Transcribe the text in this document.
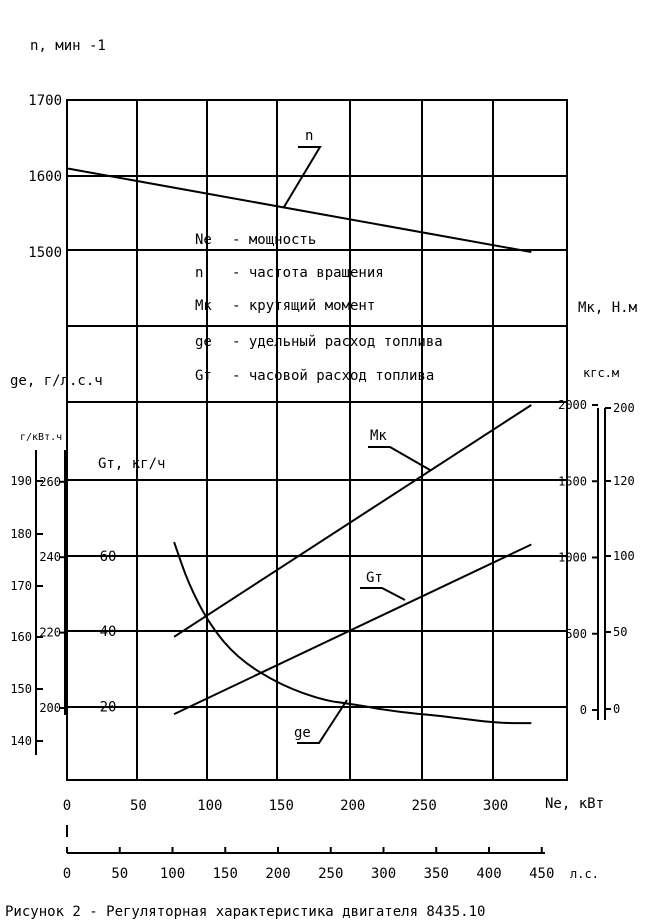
1500
1600
1700
140
150
160
170
180
190
200
220
240
260
20
40
60
0
500
1000
1500
2000
0
50
100
120
200
0	50	100	150	200	250	300
0	50 100 150 200 250 300 350 400 450
n
Mк
Gт
ge
Ne - мощность
n - частота вращения
Mк - крутящий момент
ge - удельный расход топлива
Gт - часовой расход топлива
n, мин -1
ge, г/л.с.ч
г/кВт.ч
Gт, кг/ч
Mк, Н.м
кгс.м
Ne, кВт
л.с.
Рисунок 2 - Регуляторная характеристика двигателя 8435.10
